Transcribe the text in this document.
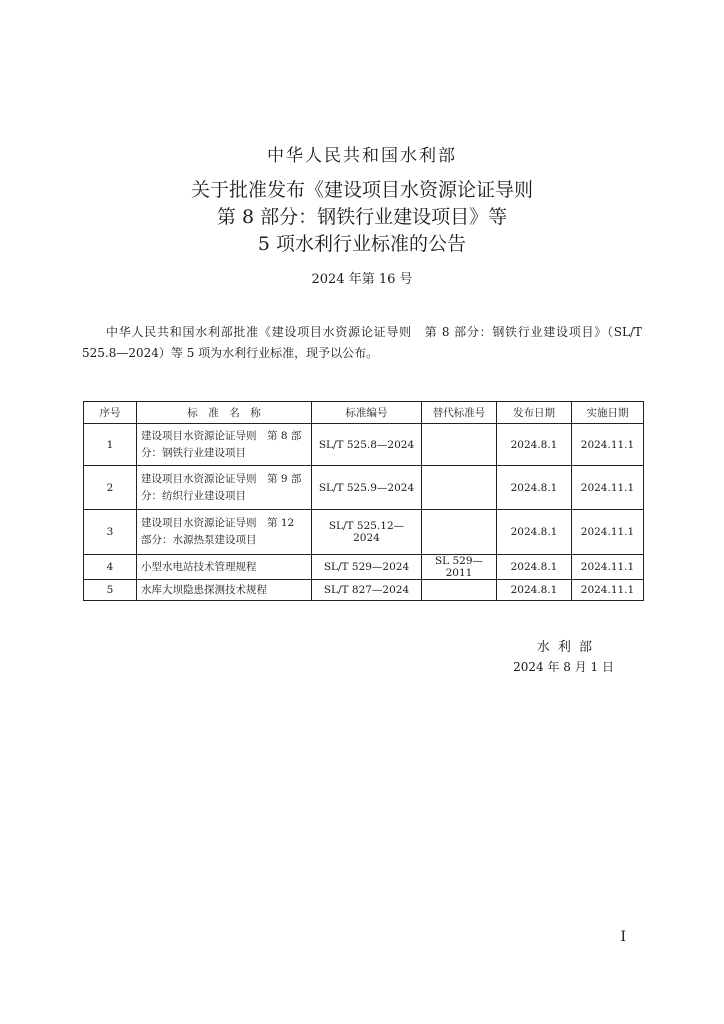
中华人民共和国水利部
关于批准发布《建设项目水资源论证导则
第 8 部分：钢铁行业建设项目》等
5 项水利行业标准的公告
2024 年第 16 号
中华人民共和国水利部批准《建设项目水资源论证导则　第 8 部分：钢铁行业建设项目》（SL/T 525.8—2024）等 5 项为水利行业标准，现予以公布。
序号	标　准　名　称	标准编号	替代标准号	发布日期	实施日期
1	建设项目水资源论证导则　第 8 部分：钢铁行业建设项目	SL/T 525.8—2024		2024.8.1	2024.11.1
2	建设项目水资源论证导则　第 9 部分：纺织行业建设项目	SL/T 525.9—2024		2024.8.1	2024.11.1
3	建设项目水资源论证导则　第 12 部分：水源热泵建设项目	SL/T 525.12—2024		2024.8.1	2024.11.1
4	小型水电站技术管理规程	SL/T 529—2024	SL 529—2011	2024.8.1	2024.11.1
5	水库大坝隐患探测技术规程	SL/T 827—2024		2024.8.1	2024.11.1
水 利 部
2024 年 8 月 1 日
I
